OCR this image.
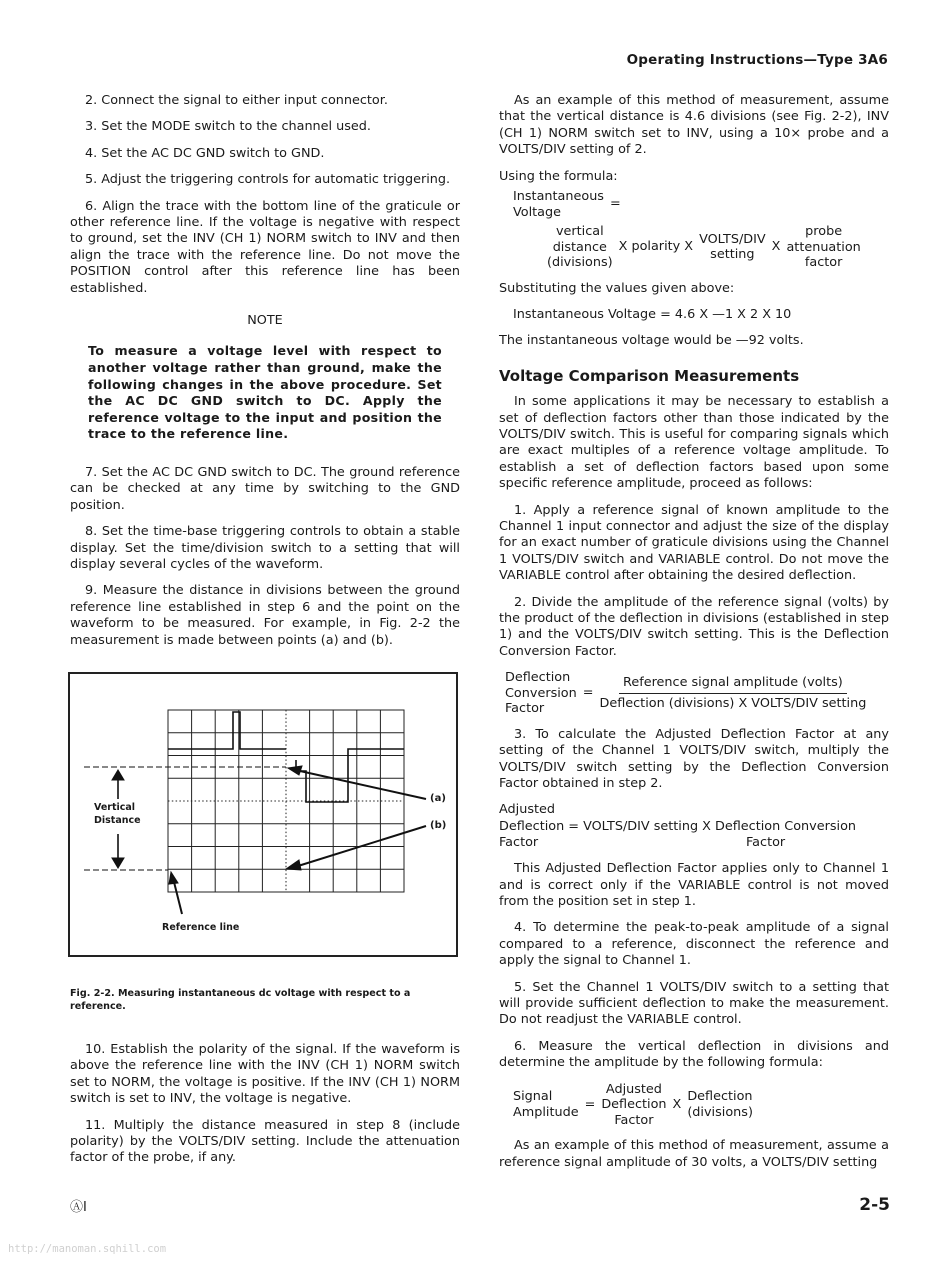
Operating Instructions—Type 3A6

2. Connect the signal to either input connector.

3. Set the MODE switch to the channel used.

4. Set the AC DC GND switch to GND.

5. Adjust the triggering controls for automatic triggering.

6. Align the trace with the bottom line of the graticule or other reference line. If the voltage is negative with respect to ground, set the INV (CH 1) NORM switch to INV and then align the trace with the reference line. Do not move the POSITION control after this reference line has been established.

NOTE

To measure a voltage level with respect to another voltage rather than ground, make the following changes in the above procedure. Set the AC DC GND switch to DC. Apply the reference voltage to the input and position the trace to the reference line.

7. Set the AC DC GND switch to DC. The ground reference can be checked at any time by switching to the GND position.

8. Set the time-base triggering controls to obtain a stable display. Set the time/division switch to a setting that will display several cycles of the waveform.

9. Measure the distance in divisions between the ground reference line established in step 6 and the point on the waveform to be measured. For example, in Fig. 2-2 the measurement is made between points (a) and (b).

(a)
(b)
Vertical
Distance
Reference line
Fig. 2-2. Measuring instantaneous dc voltage with respect to a reference.

10. Establish the polarity of the signal. If the waveform is above the reference line with the INV (CH 1) NORM switch set to NORM, the voltage is positive. If the INV (CH 1) NORM switch is set to INV, the voltage is negative.

11. Multiply the distance measured in step 8 (include polarity) by the VOLTS/DIV setting. Include the attenuation factor of the probe, if any.

As an example of this method of measurement, assume that the vertical distance is 4.6 divisions (see Fig. 2-2), INV (CH 1) NORM switch set to INV, using a 10× probe and a VOLTS/DIV setting of 2.

Using the formula:

Instantaneous
Voltage
=
vertical
distance
(divisions)
X polarity X VOLTS/DIV
setting
X
probe
attenuation
factor

Substituting the values given above:

Instantaneous Voltage = 4.6 X —1 X 2 X 10

The instantaneous voltage would be —92 volts.

Voltage Comparison Measurements

In some applications it may be necessary to establish a set of deflection factors other than those indicated by the VOLTS/DIV switch. This is useful for comparing signals which are exact multiples of a reference voltage amplitude. To establish a set of deflection factors based upon some specific reference amplitude, proceed as follows:

1. Apply a reference signal of known amplitude to the Channel 1 input connector and adjust the size of the display for an exact number of graticule divisions using the Channel 1 VOLTS/DIV switch and VARIABLE control. Do not move the VARIABLE control after obtaining the desired deflection.

2. Divide the amplitude of the reference signal (volts) by the product of the deflection in divisions (established in step 1) and the VOLTS/DIV switch setting. This is the Deflection Conversion Factor.

Deflection
Conversion
Factor
= $\frac{\text{Reference signal amplitude (volts)}}{\text{Deflection (divisions) X VOLTS/DIV setting}}$

3. To calculate the Adjusted Deflection Factor at any setting of the Channel 1 VOLTS/DIV switch, multiply the VOLTS/DIV switch setting by the Deflection Conversion Factor obtained in step 2.

Adjusted
Deflection = VOLTS/DIV setting X Deflection Conversion
Factor	Factor

This Adjusted Deflection Factor applies only to Channel 1 and is correct only if the VARIABLE control is not moved from the position set in step 1.

4. To determine the peak-to-peak amplitude of a signal compared to a reference, disconnect the reference and apply the signal to Channel 1.

5. Set the Channel 1 VOLTS/DIV switch to a setting that will provide sufficient deflection to make the measurement. Do not readjust the VARIABLE control.

6. Measure the vertical deflection in divisions and determine the amplitude by the following formula:

Signal
Amplitude
=
Adjusted
Deflection
Factor
X Deflection
(divisions)

As an example of this method of measurement, assume a reference signal amplitude of 30 volts, a VOLTS/DIV setting

ⒶⅠ	2-5
http://manoman.sqhill.com
